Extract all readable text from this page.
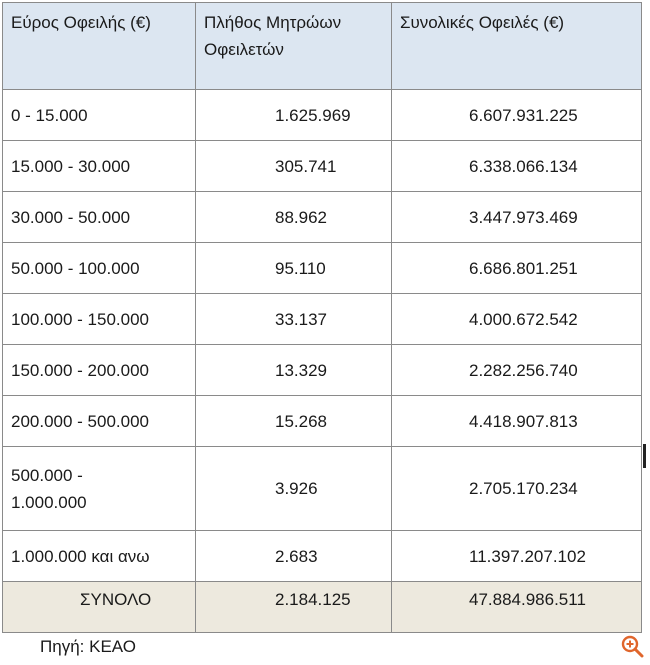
Εύρος Οφειλής (€)	Πλήθος Μητρώων Οφειλετών	Συνολικές Οφειλές (€)
0 - 15.000	1.625.969	6.607.931.225
15.000 - 30.000	305.741	6.338.066.134
30.000 - 50.000	88.962	3.447.973.469
50.000 - 100.000	95.110	6.686.801.251
100.000 - 150.000	33.137	4.000.672.542
150.000 - 200.000	13.329	2.282.256.740
200.000 - 500.000	15.268	4.418.907.813
500.000 - 1.000.000	3.926	2.705.170.234
1.000.000 και ανω	2.683	11.397.207.102
ΣΥΝΟΛΟ	2.184.125	47.884.986.511
Πηγή: ΚΕΑΟ
